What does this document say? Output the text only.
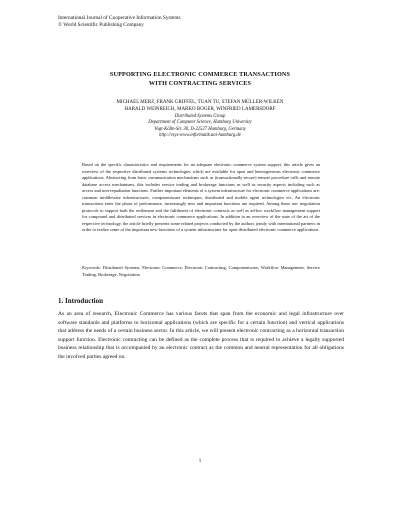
International Journal of Cooperative Information Systems
© World Scientific Publishing Company
SUPPORTING ELECTRONIC COMMERCE TRANSACTIONS
WITH CONTRACTING SERVICES
MICHAEL MERZ, FRANK GRIFFEL, TUAN TU, STEFAN MÜLLER-WILKEN
HARALD WEINREICH, MARKO BOGER, WINFRIED LAMERSDORF
Distributed Systems Group
Department of Computer Science, Hamburg University
Vogt-Kölln-Str. 30, D-22527 Hamburg, Germany
http://vsys-www.informatik.uni-hamburg.de
Based on the specific characteristics and requirements for an adequate electronic commerce system support, this article gives an overview of the respective distributed systems technologies which are available for open and heterogeneous electronic commerce applications. Abstracting from basic communication mechanisms such as (transactionally secure) remote procedure calls and remote database access mechanisms, this includes service trading and brokerage functions as well as security aspects including such as access and non-repudiation functions. Further important elements of a system infrastructure for electronic commerce applications are: common middleware infrastructures, componentware techniques, distributed and mobile agent technologies etc. An electronic transactions enter the phase of performance, increasingly new and important functions are required. Among these are: negotiation protocols to support both the settlement and the fulfilment of electronic contracts as well as ad-hoc workflow management support for compound and distributed services in electronic commerce applications. In addition to an overview of the state of the art of the respective technology, the article briefly presents some related projects conducted by the authors jointly with international partners in order to realize some of the important new functions of a system infrastructure for open distributed electronic commerce applications.
Keywords: Distributed Systems, Electronic Commerce, Electronic Contracting, Componentware, Workflow Management, Service Trading, Brokerage, Negotiation
1. Introduction
As an area of research, Electronic Commerce has various facets that span from the economic and legal infrastructure over software standards and platforms to horizontal applications (which are specific for a certain function) and vertical applications that address the needs of a certain business sector. In this article, we will present electronic contracting as a horizontal transaction support function. Electronic contracting can be defined as the complete process that is required to achieve a legally supported business relationship that is accompanied by an electronic contract as the common and neutral representation for all obligations the involved parties agreed on.
1
